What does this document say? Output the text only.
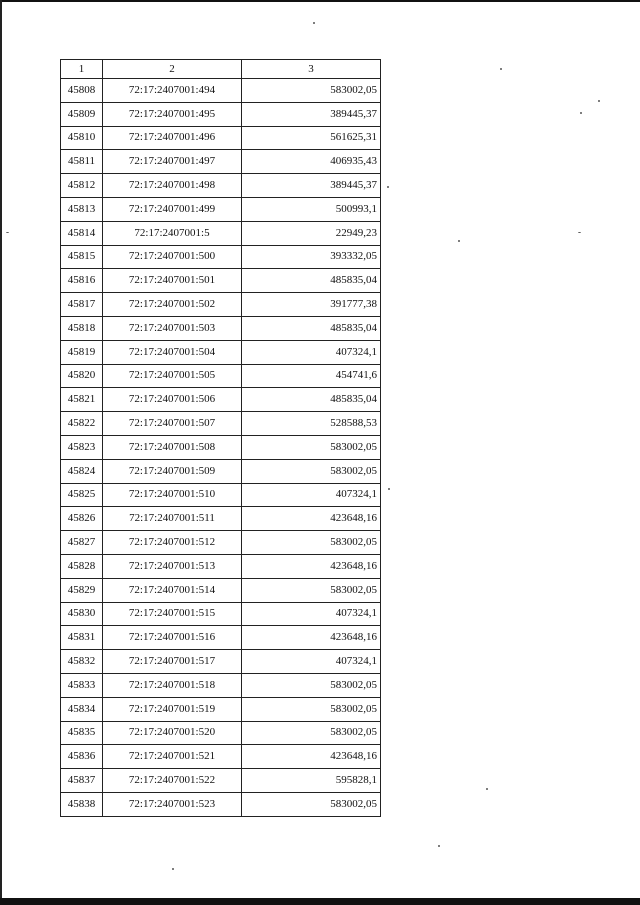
1	2	3
45808	72:17:2407001:494	583002,05
45809	72:17:2407001:495	389445,37
45810	72:17:2407001:496	561625,31
45811	72:17:2407001:497	406935,43
45812	72:17:2407001:498	389445,37
45813	72:17:2407001:499	500993,1
45814	72:17:2407001:5	22949,23
45815	72:17:2407001:500	393332,05
45816	72:17:2407001:501	485835,04
45817	72:17:2407001:502	391777,38
45818	72:17:2407001:503	485835,04
45819	72:17:2407001:504	407324,1
45820	72:17:2407001:505	454741,6
45821	72:17:2407001:506	485835,04
45822	72:17:2407001:507	528588,53
45823	72:17:2407001:508	583002,05
45824	72:17:2407001:509	583002,05
45825	72:17:2407001:510	407324,1
45826	72:17:2407001:511	423648,16
45827	72:17:2407001:512	583002,05
45828	72:17:2407001:513	423648,16
45829	72:17:2407001:514	583002,05
45830	72:17:2407001:515	407324,1
45831	72:17:2407001:516	423648,16
45832	72:17:2407001:517	407324,1
45833	72:17:2407001:518	583002,05
45834	72:17:2407001:519	583002,05
45835	72:17:2407001:520	583002,05
45836	72:17:2407001:521	423648,16
45837	72:17:2407001:522	595828,1
45838	72:17:2407001:523	583002,05
